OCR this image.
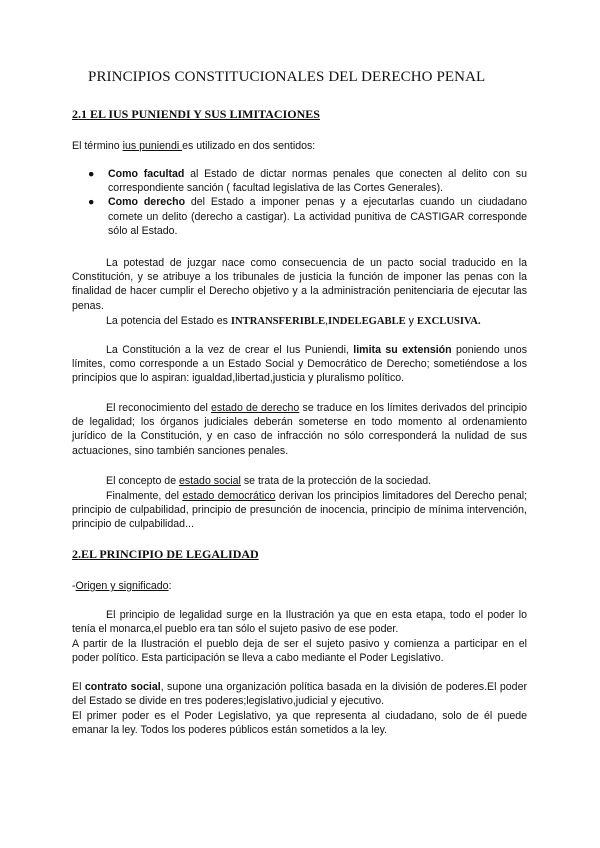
PRINCIPIOS CONSTITUCIONALES DEL DERECHO PENAL
2.1 EL IUS PUNIENDI Y SUS LIMITACIONES
El término ius puniendi es utilizado en dos sentidos:
● Como facultad al Estado de dictar normas penales que conecten al delito con su correspondiente sanción ( facultad legislativa de las Cortes Generales).
● Como derecho del Estado a imponer penas y a ejecutarlas cuando un ciudadano comete un delito (derecho a castigar). La actividad punitiva de CASTIGAR corresponde sólo al Estado.

La potestad de juzgar nace como consecuencia de un pacto social traducido en la Constitución, y se atribuye a los tribunales de justicia la función de imponer las penas con la finalidad de hacer cumplir el Derecho objetivo y a la administración penitenciaria de ejecutar las penas.

La potencia del Estado es INTRANSFERIBLE,INDELEGABLE y EXCLUSIVA.

La Constitución a la vez de crear el Ius Puniendi, limita su extensión poniendo unos límites, como corresponde a un Estado Social y Democrático de Derecho; sometiéndose a los principios que lo aspiran: igualdad,libertad,justicia y pluralismo político.

El reconocimiento del estado de derecho se traduce en los límites derivados del principio de legalidad; los órganos judiciales deberán someterse en todo momento al ordenamiento jurídico de la Constitución, y en caso de infracción no sólo corresponderá la nulidad de sus actuaciones, sino también sanciones penales.

El concepto de estado social se trata de la protección de la sociedad.

Finalmente, del estado democrático derivan los principios limitadores del Derecho penal; principio de culpabilidad, principio de presunción de inocencia, principio de mínima intervención, principio de culpabilidad...

2.EL PRINCIPIO DE LEGALIDAD
-Origen y significado:

El principio de legalidad surge en la Ilustración ya que en esta etapa, todo el poder lo tenía el monarca,el pueblo era tan sólo el sujeto pasivo de ese poder.

A partir de la Ilustración el pueblo deja de ser el sujeto pasivo y comienza a participar en el poder político. Esta participación se lleva a cabo mediante el Poder Legislativo.

El contrato social, supone una organización política basada en la división de poderes.El poder del Estado se divide en tres poderes;legislativo,judicial y ejecutivo.

El primer poder es el Poder Legislativo, ya que representa al ciudadano, solo de él puede emanar la ley. Todos los poderes públicos están sometidos a la ley.
